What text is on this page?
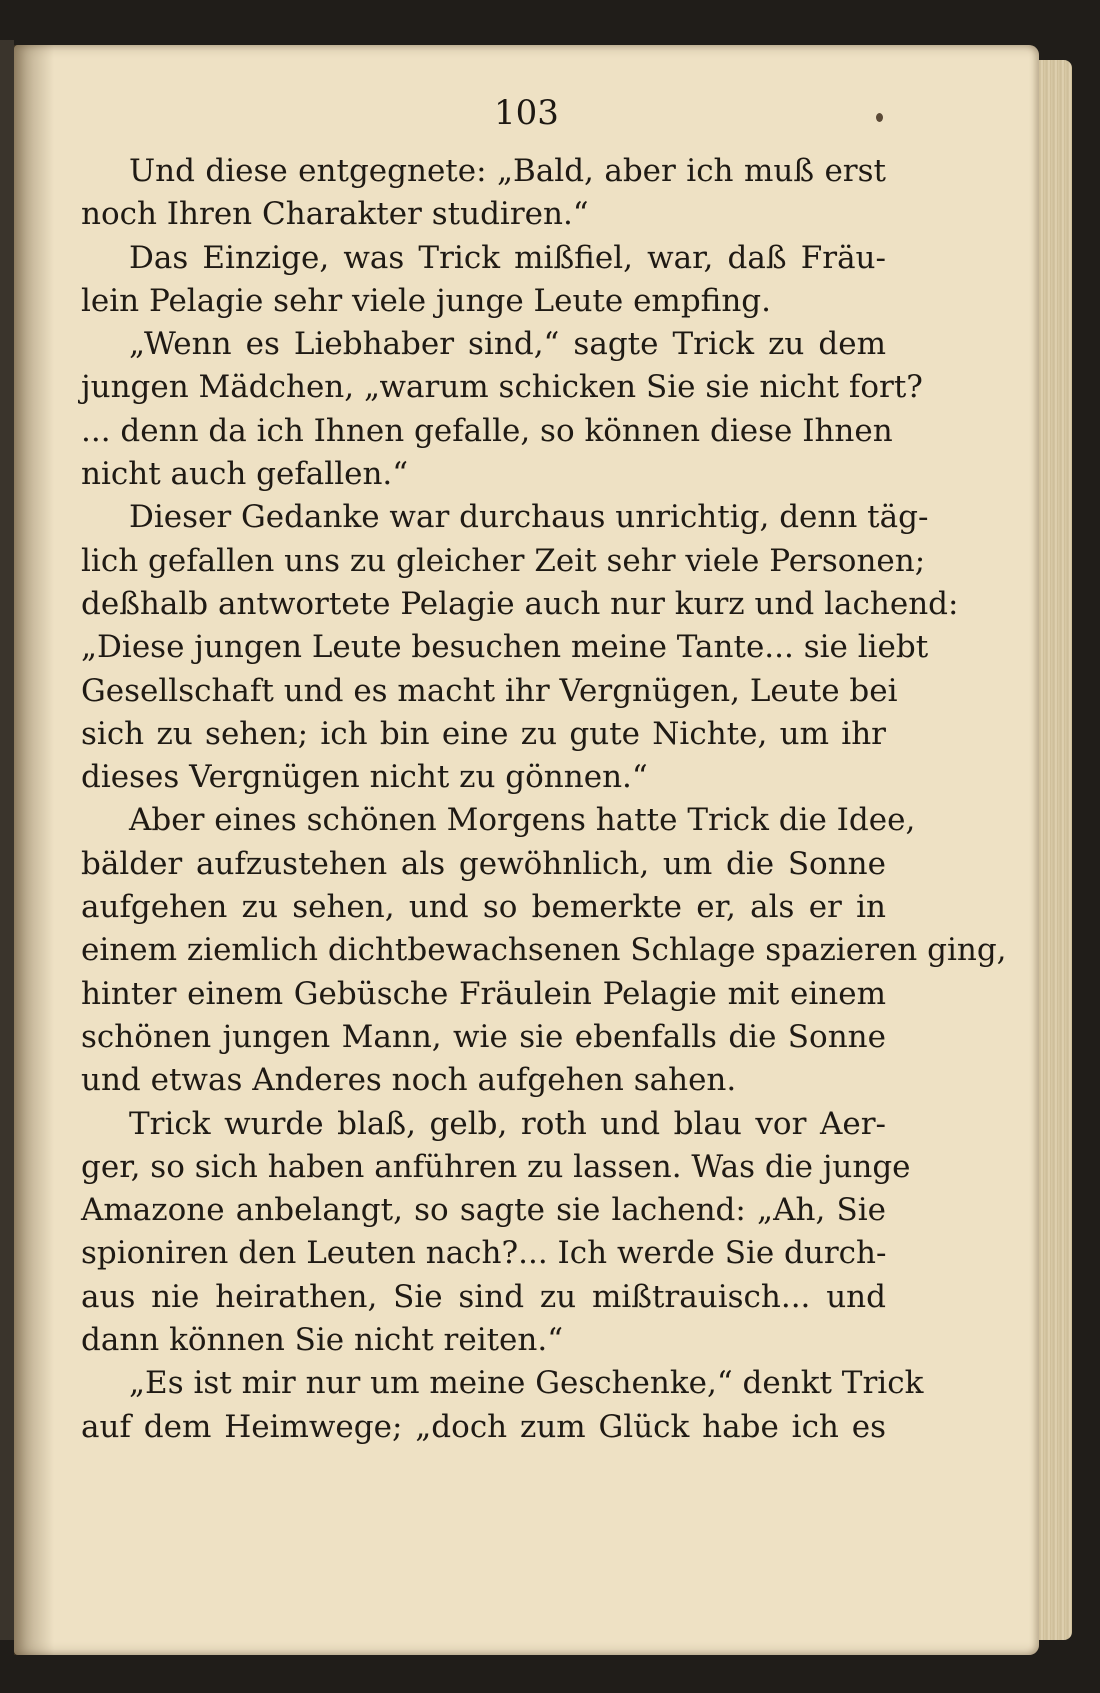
103
Und diese entgegnete: „Bald, aber ich muß erst
noch Ihren Charakter studiren.“
Das Einzige, was Trick mißfiel, war, daß Fräu-
lein Pelagie sehr viele junge Leute empfing.
„Wenn es Liebhaber sind,“ sagte Trick zu dem
jungen Mädchen, „warum schicken Sie sie nicht fort?
... denn da ich Ihnen gefalle, so können diese Ihnen
nicht auch gefallen.“
Dieser Gedanke war durchaus unrichtig, denn täg-
lich gefallen uns zu gleicher Zeit sehr viele Personen;
deßhalb antwortete Pelagie auch nur kurz und lachend:
„Diese jungen Leute besuchen meine Tante... sie liebt
Gesellschaft und es macht ihr Vergnügen, Leute bei
sich zu sehen; ich bin eine zu gute Nichte, um ihr
dieses Vergnügen nicht zu gönnen.“
Aber eines schönen Morgens hatte Trick die Idee,
bälder aufzustehen als gewöhnlich, um die Sonne
aufgehen zu sehen, und so bemerkte er, als er in
einem ziemlich dichtbewachsenen Schlage spazieren ging,
hinter einem Gebüsche Fräulein Pelagie mit einem
schönen jungen Mann, wie sie ebenfalls die Sonne
und etwas Anderes noch aufgehen sahen.
Trick wurde blaß, gelb, roth und blau vor Aer-
ger, so sich haben anführen zu lassen. Was die junge
Amazone anbelangt, so sagte sie lachend: „Ah, Sie
spioniren den Leuten nach?... Ich werde Sie durch-
aus nie heirathen, Sie sind zu mißtrauisch... und
dann können Sie nicht reiten.“
„Es ist mir nur um meine Geschenke,“ denkt Trick
auf dem Heimwege; „doch zum Glück habe ich es
